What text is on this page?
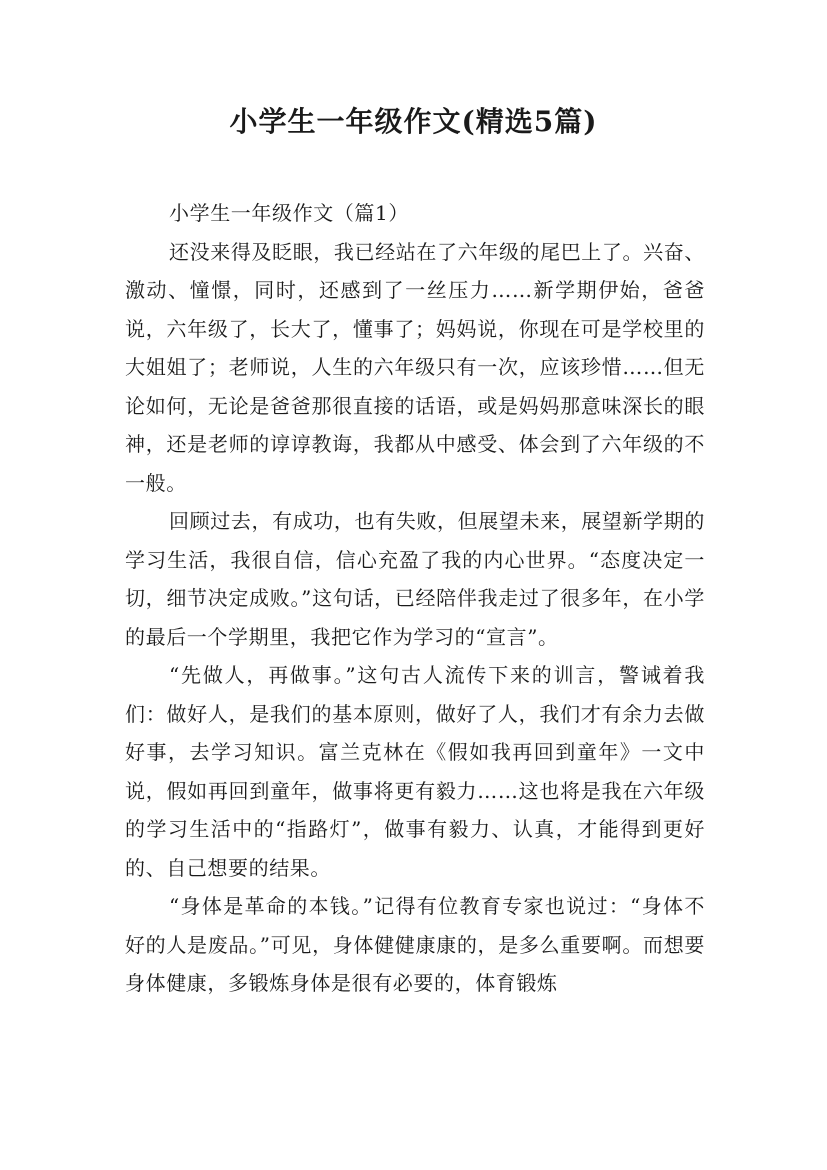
小学生一年级作文(精选5篇)
小学生一年级作文（篇1）

还没来得及眨眼，我已经站在了六年级的尾巴上了。兴奋、激动、憧憬，同时，还感到了一丝压力……新学期伊始，爸爸说，六年级了，长大了，懂事了；妈妈说，你现在可是学校里的大姐姐了；老师说，人生的六年级只有一次，应该珍惜……但无论如何，无论是爸爸那很直接的话语，或是妈妈那意味深长的眼神，还是老师的谆谆教诲，我都从中感受、体会到了六年级的不一般。

回顾过去，有成功，也有失败，但展望未来，展望新学期的学习生活，我很自信，信心充盈了我的内心世界。“态度决定一切，细节决定成败。”这句话，已经陪伴我走过了很多年，在小学的最后一个学期里，我把它作为学习的“宣言”。

“先做人，再做事。”这句古人流传下来的训言，警诫着我们：做好人，是我们的基本原则，做好了人，我们才有余力去做好事，去学习知识。富兰克林在《假如我再回到童年》一文中说，假如再回到童年，做事将更有毅力……这也将是我在六年级的学习生活中的“指路灯”，做事有毅力、认真，才能得到更好的、自己想要的结果。

“身体是革命的本钱。”记得有位教育专家也说过：“身体不好的人是废品。”可见，身体健健康康的，是多么重要啊。而想要身体健康，多锻炼身体是很有必要的，体育锻炼
